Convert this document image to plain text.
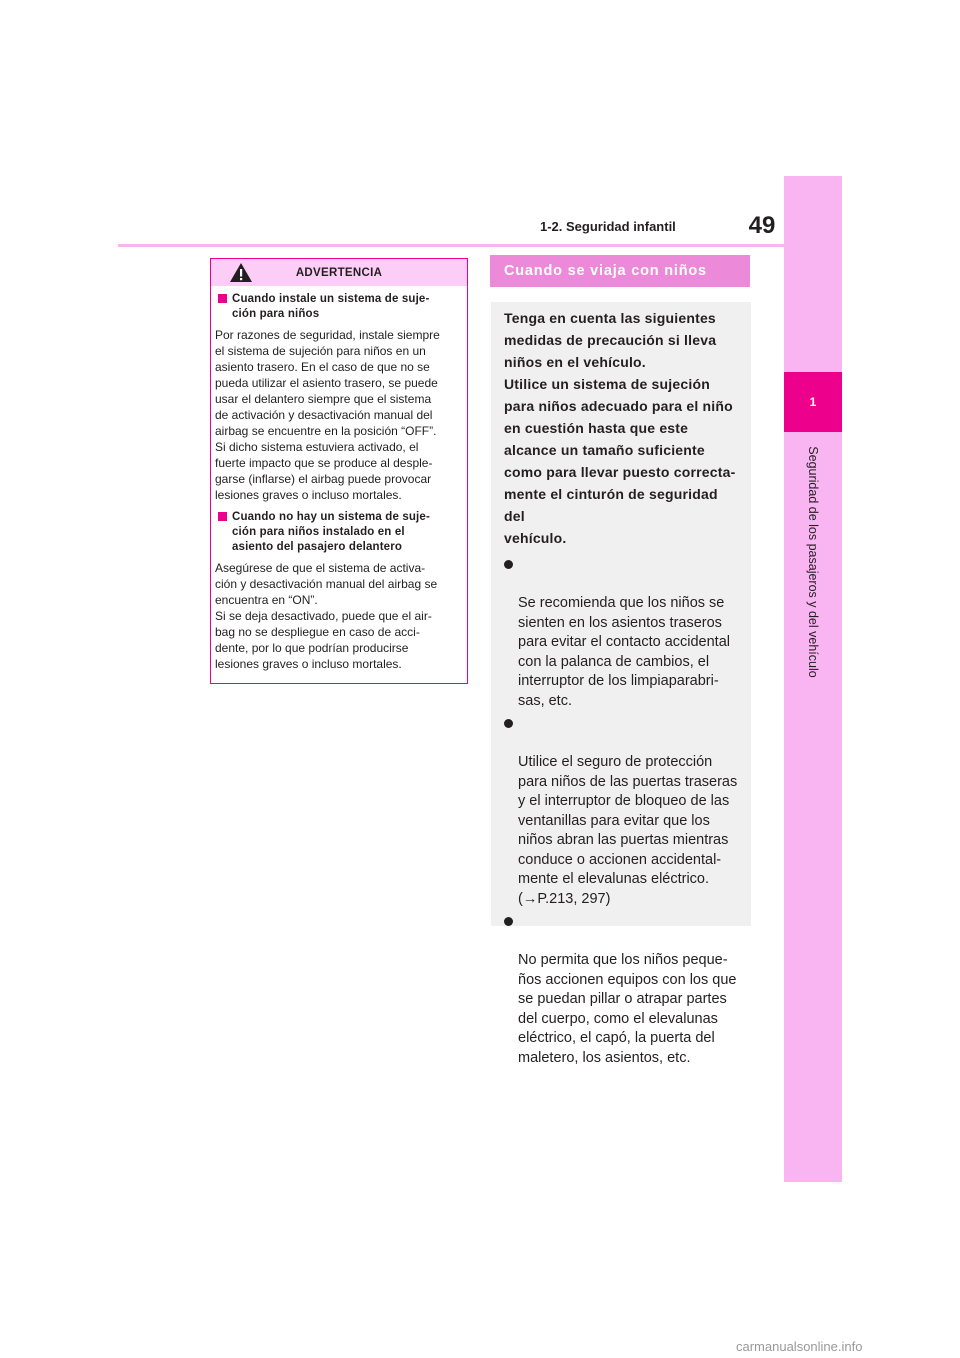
1
Seguridad de los pasajeros y del vehículo
1-2. Seguridad infantil	49
ADVERTENCIA
Cuando instale un sistema de suje-
ción para niños

Por razones de seguridad, instale siempre
el sistema de sujeción para niños en un
asiento trasero. En el caso de que no se
pueda utilizar el asiento trasero, se puede
usar el delantero siempre que el sistema
de activación y desactivación manual del
airbag se encuentre en la posición “OFF”.
Si dicho sistema estuviera activado, el
fuerte impacto que se produce al desple-
garse (inflarse) el airbag puede provocar
lesiones graves o incluso mortales.

Cuando no hay un sistema de suje-
ción para niños instalado en el
asiento del pasajero delantero

Asegúrese de que el sistema de activa-
ción y desactivación manual del airbag se
encuentra en “ON”.
Si se deja desactivado, puede que el air-
bag no se despliegue en caso de acci-
dente, por lo que podrían producirse
lesiones graves o incluso mortales.

Cuando se viaja con niños

Tenga en cuenta las siguientes
medidas de precaución si lleva
niños en el vehículo.
Utilice un sistema de sujeción
para niños adecuado para el niño
en cuestión hasta que este
alcance un tamaño suficiente
como para llevar puesto correcta-
mente el cinturón de seguridad del
vehículo.

Se recomienda que los niños se
sienten en los asientos traseros
para evitar el contacto accidental
con la palanca de cambios, el
interruptor de los limpiaparabri-
sas, etc.

Utilice el seguro de protección
para niños de las puertas traseras
y el interruptor de bloqueo de las
ventanillas para evitar que los
niños abran las puertas mientras
conduce o accionen accidental-
mente el elevalunas eléctrico.
(→P.213, 297)

No permita que los niños peque-
ños accionen equipos con los que
se puedan pillar o atrapar partes
del cuerpo, como el elevalunas
eléctrico, el capó, la puerta del
maletero, los asientos, etc.

carmanualsonline.info
